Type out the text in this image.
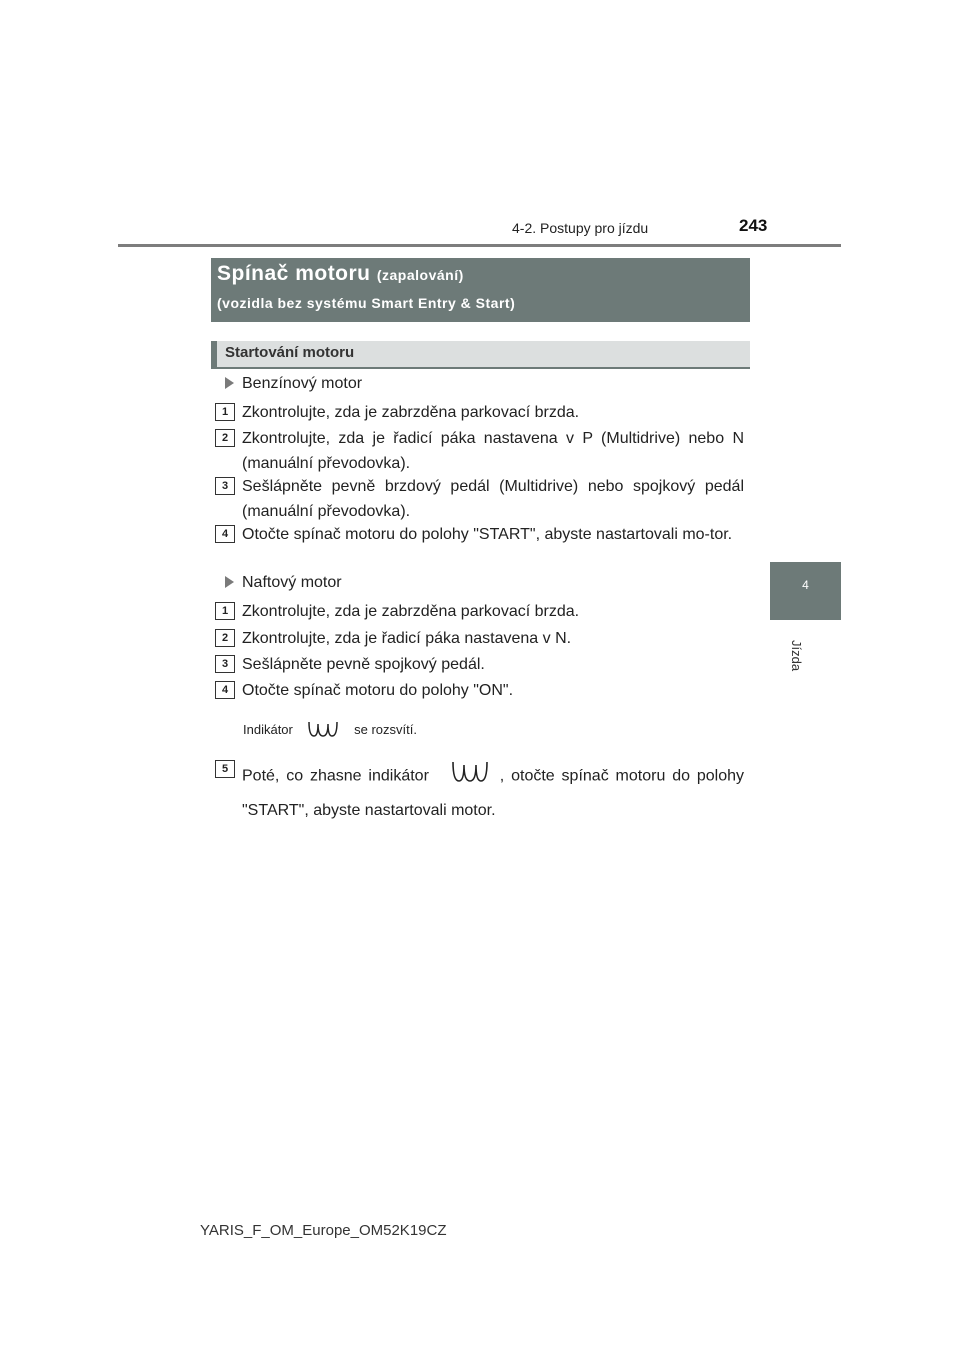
4-2. Postupy pro jízdu	243
4
Jízda
Spínač motoru (zapalování)
(vozidla bez systému Smart Entry & Start)
Startování motoru
Benzínový motor
1 Zkontrolujte, zda je zabrzděna parkovací brzda.
2 Zkontrolujte, zda je řadicí páka nastavena v P (Multidrive) nebo N (manuální převodovka).
3 Sešlápněte pevně brzdový pedál (Multidrive) nebo spojkový pedál (manuální převodovka).
4 Otočte spínač motoru do polohy "START", abyste nastartovali mo-tor.
Naftový motor
1 Zkontrolujte, zda je zabrzděna parkovací brzda.
2 Zkontrolujte, zda je řadicí páka nastavena v N.
3 Sešlápněte pevně spojkový pedál.
4 Otočte spínač motoru do polohy "ON".
Indikátor	se rozsvítí.
5 Poté, co zhasne indikátor	, otočte spínač motoru do polohy "START", abyste nastartovali motor.
YARIS_F_OM_Europe_OM52K19CZ
